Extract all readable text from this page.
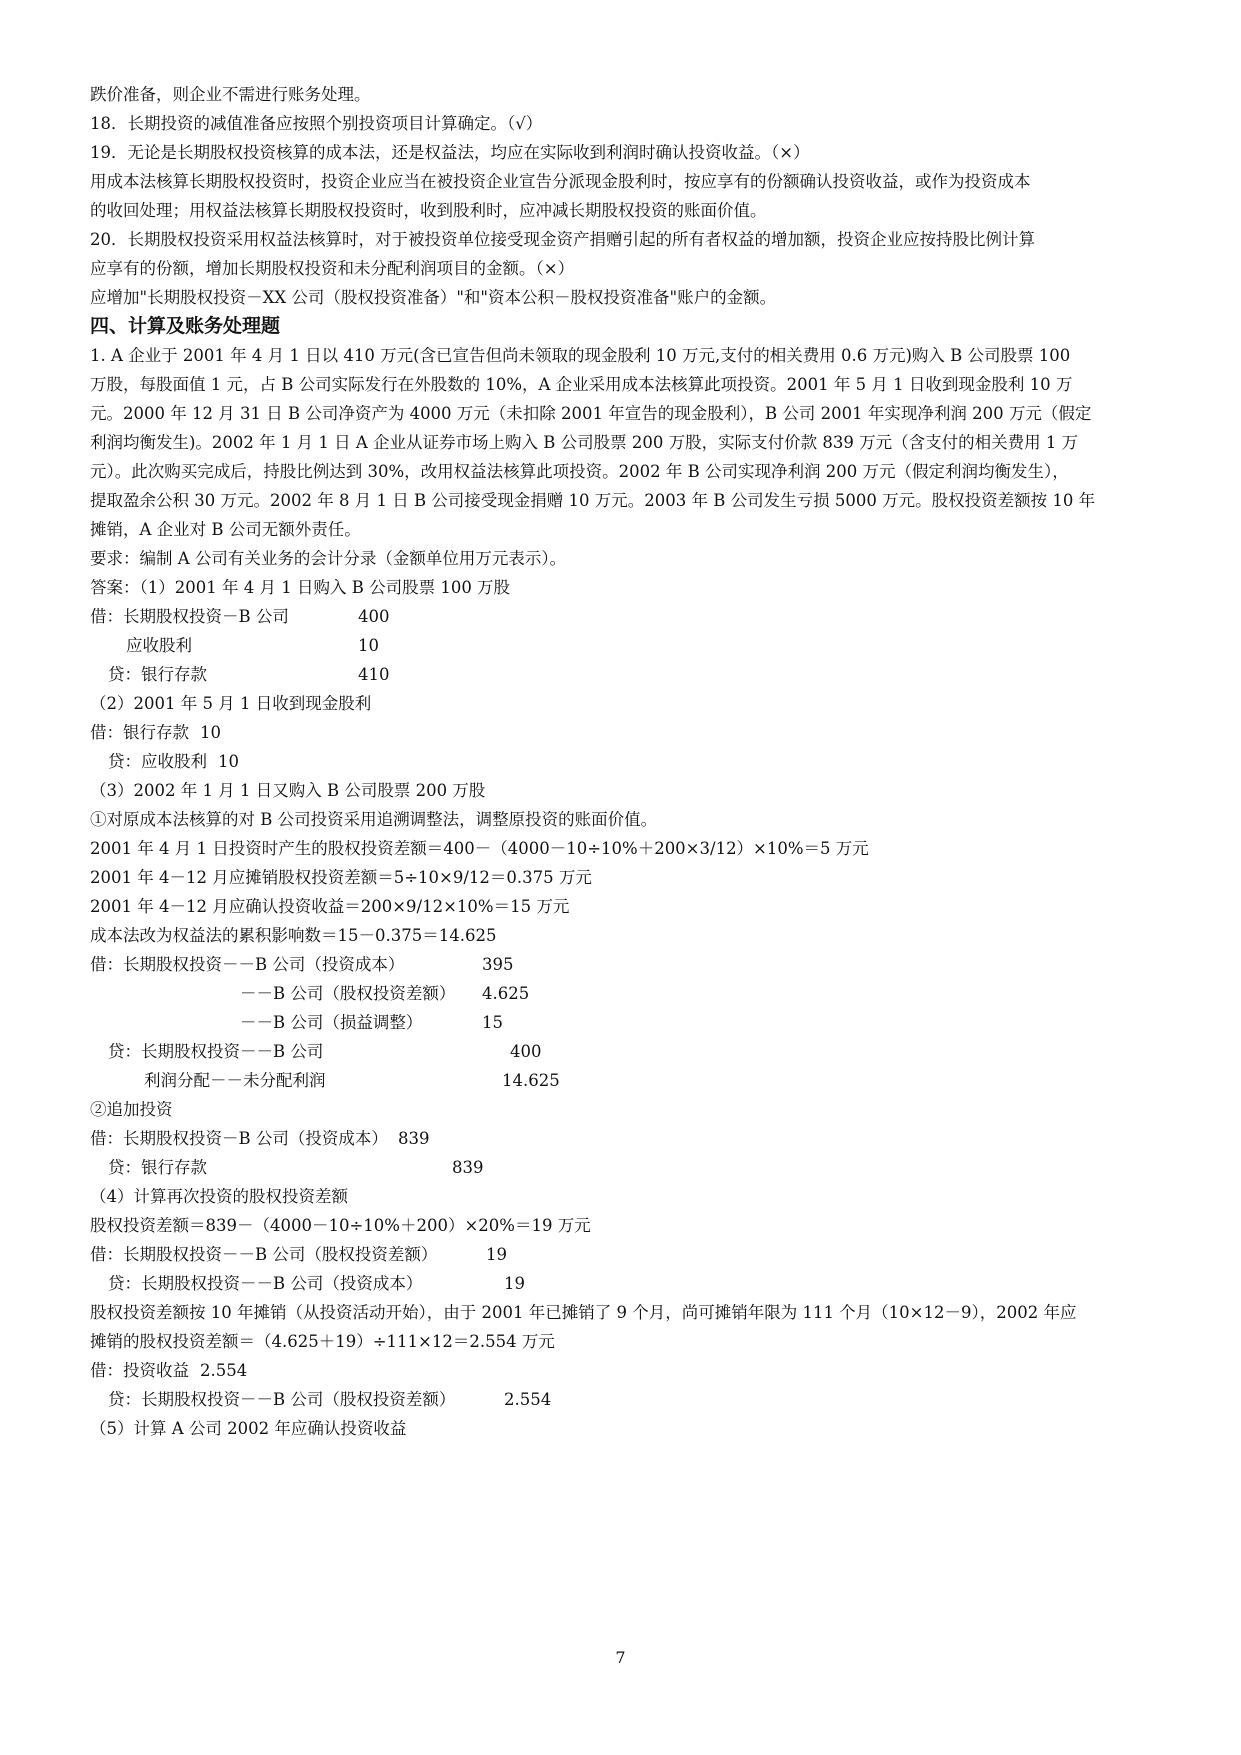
跌价准备，则企业不需进行账务处理。
18．长期投资的减值准备应按照个别投资项目计算确定。（√）
19．无论是长期股权投资核算的成本法，还是权益法，均应在实际收到利润时确认投资收益。（×）
用成本法核算长期股权投资时，投资企业应当在被投资企业宣告分派现金股利时，按应享有的份额确认投资收益，或作为投资成本
的收回处理；用权益法核算长期股权投资时，收到股利时，应冲减长期股权投资的账面价值。
20．长期股权投资采用权益法核算时，对于被投资单位接受现金资产捐赠引起的所有者权益的增加额，投资企业应按持股比例计算
应享有的份额，增加长期股权投资和未分配利润项目的金额。（×）
应增加"长期股权投资－XX 公司（股权投资准备）"和"资本公积－股权投资准备"账户的金额。
四、计算及账务处理题
1. A 企业于 2001 年 4 月 1 日以 410 万元(含已宣告但尚未领取的现金股利 10 万元,支付的相关费用 0.6 万元)购入 B 公司股票 100
万股，每股面值 1 元，占 B 公司实际发行在外股数的 10%，A 企业采用成本法核算此项投资。2001 年 5 月 1 日收到现金股利 10 万
元。2000 年 12 月 31 日 B 公司净资产为 4000 万元（未扣除 2001 年宣告的现金股利），B 公司 2001 年实现净利润 200 万元（假定
利润均衡发生)。2002 年 1 月 1 日 A 企业从证券市场上购入 B 公司股票 200 万股，实际支付价款 839 万元（含支付的相关费用 1 万
元）。此次购买完成后，持股比例达到 30%，改用权益法核算此项投资。2002 年 B 公司实现净利润 200 万元（假定利润均衡发生），
提取盈余公积 30 万元。2002 年 8 月 1 日 B 公司接受现金捐赠 10 万元。2003 年 B 公司发生亏损 5000 万元。股权投资差额按 10 年
摊销，A 企业对 B 公司无额外责任。
要求：编制 A 公司有关业务的会计分录（金额单位用万元表示）。
答案：（1）2001 年 4 月 1 日购入 B 公司股票 100 万股
借：长期股权投资－B 公司	400
应收股利	10
贷：银行存款	410
（2）2001 年 5 月 1 日收到现金股利
借：银行存款 10
贷：应收股利 10
（3）2002 年 1 月 1 日又购入 B 公司股票 200 万股
①对原成本法核算的对 B 公司投资采用追溯调整法，调整原投资的账面价值。
2001 年 4 月 1 日投资时产生的股权投资差额＝400－（4000－10÷10%＋200×3/12）×10%＝5 万元
2001 年 4－12 月应摊销股权投资差额＝5÷10×9/12＝0.375 万元
2001 年 4－12 月应确认投资收益＝200×9/12×10%＝15 万元
成本法改为权益法的累积影响数＝15－0.375＝14.625
借：长期股权投资－－B 公司（投资成本）	395
－－B 公司（股权投资差额） 4.625
－－B 公司（损益调整）	15
贷：长期股权投资－－B 公司	400
利润分配－－未分配利润	14.625
②追加投资
借：长期股权投资－B 公司（投资成本） 839
贷：银行存款	839
（4）计算再次投资的股权投资差额
股权投资差额＝839－（4000－10÷10%＋200）×20%＝19 万元
借：长期股权投资－－B 公司（股权投资差额）	19
贷：长期股权投资－－B 公司（投资成本）	19
股权投资差额按 10 年摊销（从投资活动开始），由于 2001 年已摊销了 9 个月，尚可摊销年限为 111 个月（10×12－9），2002 年应
摊销的股权投资差额＝（4.625＋19）÷111×12＝2.554 万元
借：投资收益 2.554
贷：长期股权投资－－B 公司（股权投资差额）	2.554
（5）计算 A 公司 2002 年应确认投资收益
7
